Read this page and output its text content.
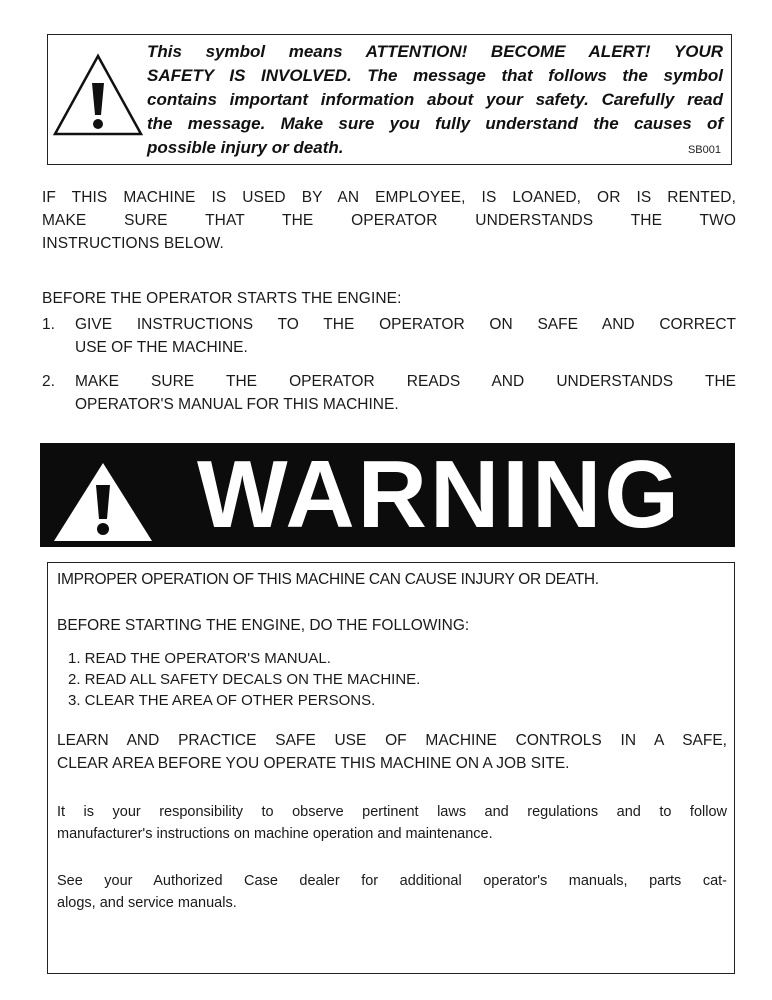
This symbol means ATTENTION! BECOME ALERT! YOUR
SAFETY IS INVOLVED. The message that follows the symbol
contains important information about your safety. Carefully read
the message. Make sure you fully understand the causes of
possible injury or death.	SB001
IF THIS MACHINE IS USED BY AN EMPLOYEE, IS LOANED, OR IS RENTED,
MAKE SURE THAT THE OPERATOR UNDERSTANDS THE TWO
INSTRUCTIONS BELOW.
BEFORE THE OPERATOR STARTS THE ENGINE:
1. GIVE INSTRUCTIONS TO THE OPERATOR ON SAFE AND CORRECT
USE OF THE MACHINE.
2. MAKE SURE THE OPERATOR READS AND UNDERSTANDS THE
OPERATOR'S MANUAL FOR THIS MACHINE.
WARNING
IMPROPER OPERATION OF THIS MACHINE CAN CAUSE INJURY OR DEATH.
BEFORE STARTING THE ENGINE, DO THE FOLLOWING:
1. READ THE OPERATOR'S MANUAL.
2. READ ALL SAFETY DECALS ON THE MACHINE.
3. CLEAR THE AREA OF OTHER PERSONS.
LEARN AND PRACTICE SAFE USE OF MACHINE CONTROLS IN A SAFE,
CLEAR AREA BEFORE YOU OPERATE THIS MACHINE ON A JOB SITE.
It is your responsibility to observe pertinent laws and regulations and to follow
manufacturer's instructions on machine operation and maintenance.
See your Authorized Case dealer for additional operator's manuals, parts cat-
alogs, and service manuals.
